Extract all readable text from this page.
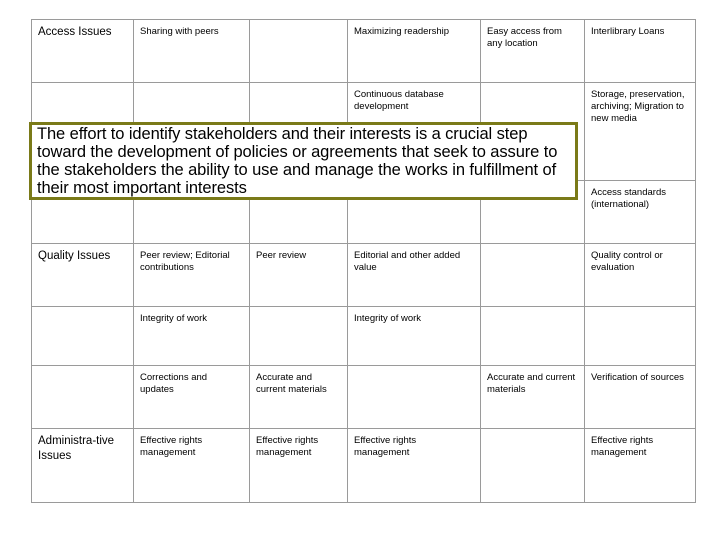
Access Issues	Sharing with peers		Maximizing readership	Easy access from any location	Interlibrary Loans
			Continuous database development		Storage, preservation, archiving; Migration to new media
					Access standards (international)
Quality Issues	Peer review; Editorial contributions	Peer review	Editorial and other added value		Quality control or evaluation
	Integrity of work		Integrity of work		
	Corrections and updates	Accurate and current materials		Accurate and current materials	Verification of sources
Administra-tive Issues	Effective rights management	Effective rights management	Effective rights management		Effective rights management
The effort to identify stakeholders and their interests is a crucial step toward the development of policies or agreements that seek to assure to the stakeholders the ability to use and manage the works in fulfillment of their most important interests
